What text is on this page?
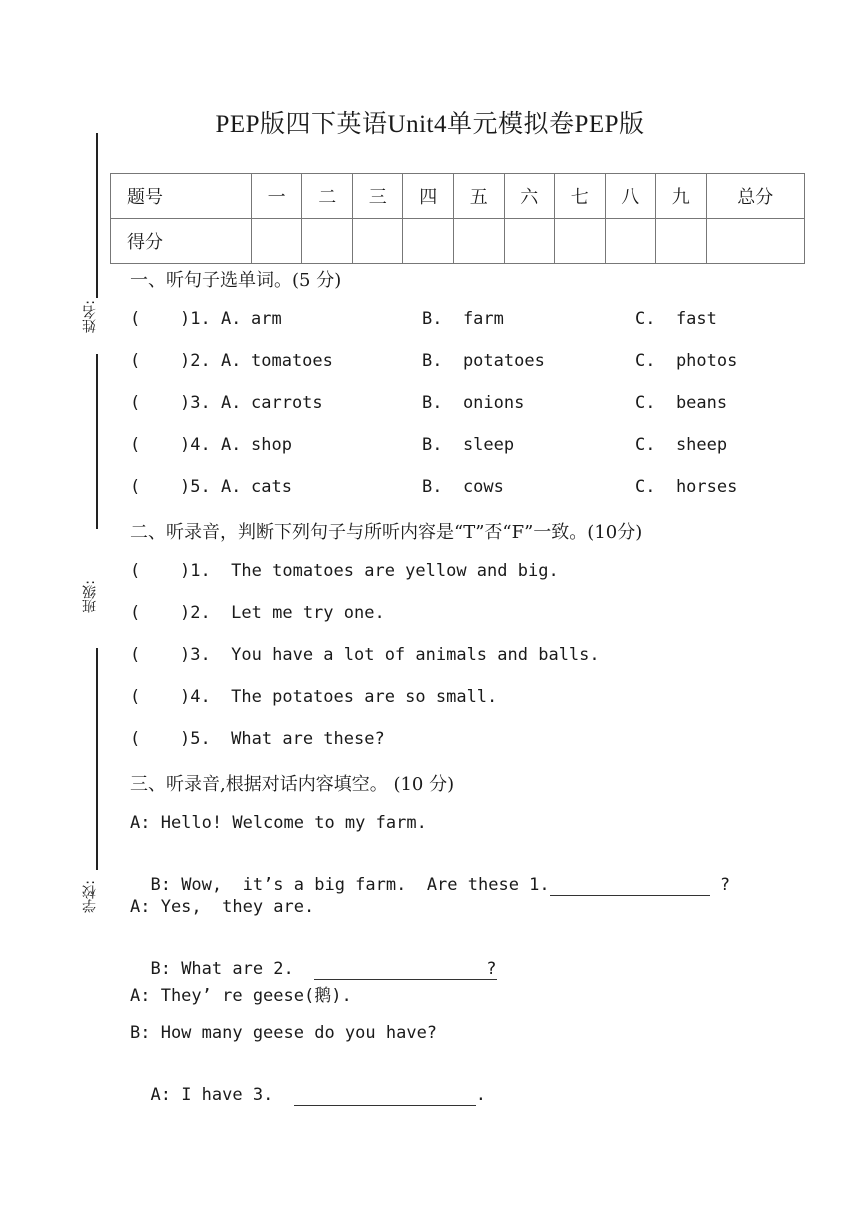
PEP版四下英语Unit4单元模拟卷PEP版
姓名:
班级:
学校:
题号	一	二	三	四	五	六	七	八	九	总分
得分										
一、听句子选单词。(5 分)
( )1. A. arm	B.  farm	C.  fast
( )2. A. tomatoes	B.  potatoes	C.  photos
( )3. A. carrots	B.  onions	C.  beans
( )4. A. shop	B.  sleep	C.  sheep
( )5. A. cats	B.  cows	C.  horses
二、听录音，判断下列句子与所听内容是“T”否“F”一致。(10分)
( )1.  The tomatoes are yellow and big.
( )2.  Let me try one.
( )3.  You have a lot of animals and balls.
( )4.  The potatoes are so small.
( )5.  What are these?
三、听录音,根据对话内容填空。 (10 分)
A: Hello! Welcome to my farm.

B: Wow,  it’s a big farm.  Are these 1.	?

A: Yes,  they are.

B: What are 2.	?

A: They’ re geese(鹅).
B: How many geese do you have?

A: I have 3.	.
